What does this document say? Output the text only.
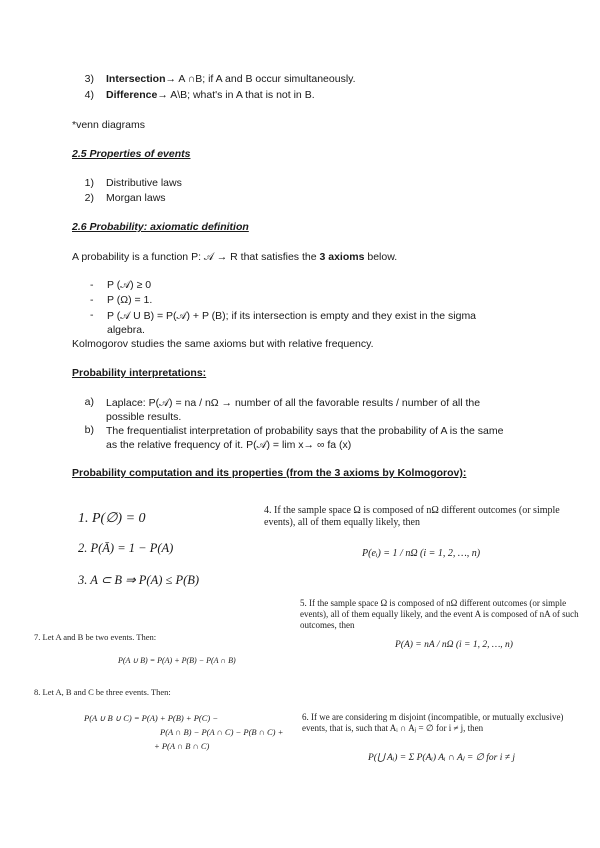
3) Intersection→ A ∩B; if A and B occur simultaneously.
4) Difference→ A\B; what's in A that is not in B.
*venn diagrams
2.5 Properties of events
1) Distributive laws
2) Morgan laws
2.6 Probability: axiomatic definition
A probability is a function P: 𝒜 → R that satisfies the 3 axioms below.
-	P (𝒜) ≥ 0
-	P (Ω) = 1.
-	P (𝒜 U B) = P(𝒜) + P (B); if its intersection is empty and they exist in the sigma algebra.
Kolmogorov studies the same axioms but with relative frequency.
Probability interpretations:
a) Laplace: P(𝒜) = na / nΩ → number of all the favorable results / number of all the possible results.
b) The frequentialist interpretation of probability says that the probability of A is the same as the relative frequency of it. P(𝒜) = lim x→ ∞ fa (x)
Probability computation and its properties (from the 3 axioms by Kolmogorov):
1. P(∅) = 0
2. P(Ā) = 1 − P(A)
3. A ⊂ B ⇒ P(A) ≤ P(B)
4. If the sample space Ω is composed of nΩ different outcomes (or simple events), all of them equally likely, then
P(eᵢ) = 1 / nΩ (i = 1, 2, …, n)
5. If the sample space Ω is composed of nΩ different outcomes (or simple events), all of them equally likely, and the event A is composed of nA of such outcomes, then
P(A) = nA / nΩ (i = 1, 2, …, n)
7. Let A and B be two events. Then:
P(A ∪ B) = P(A) + P(B) − P(A ∩ B)
8. Let A, B and C be three events. Then:
P(A ∪ B ∪ C) = P(A) + P(B) + P(C) −
P(A ∩ B) − P(A ∩ C) − P(B ∩ C) +
+ P(A ∩ B ∩ C)
6. If we are considering m disjoint (incompatible, or mutually exclusive) events, that is, such that Aᵢ ∩ Aⱼ = ∅ for i ≠ j, then
P(⋃ Aᵢ) = Σ P(Aᵢ) Aᵢ ∩ Aⱼ = ∅ for i ≠ j
